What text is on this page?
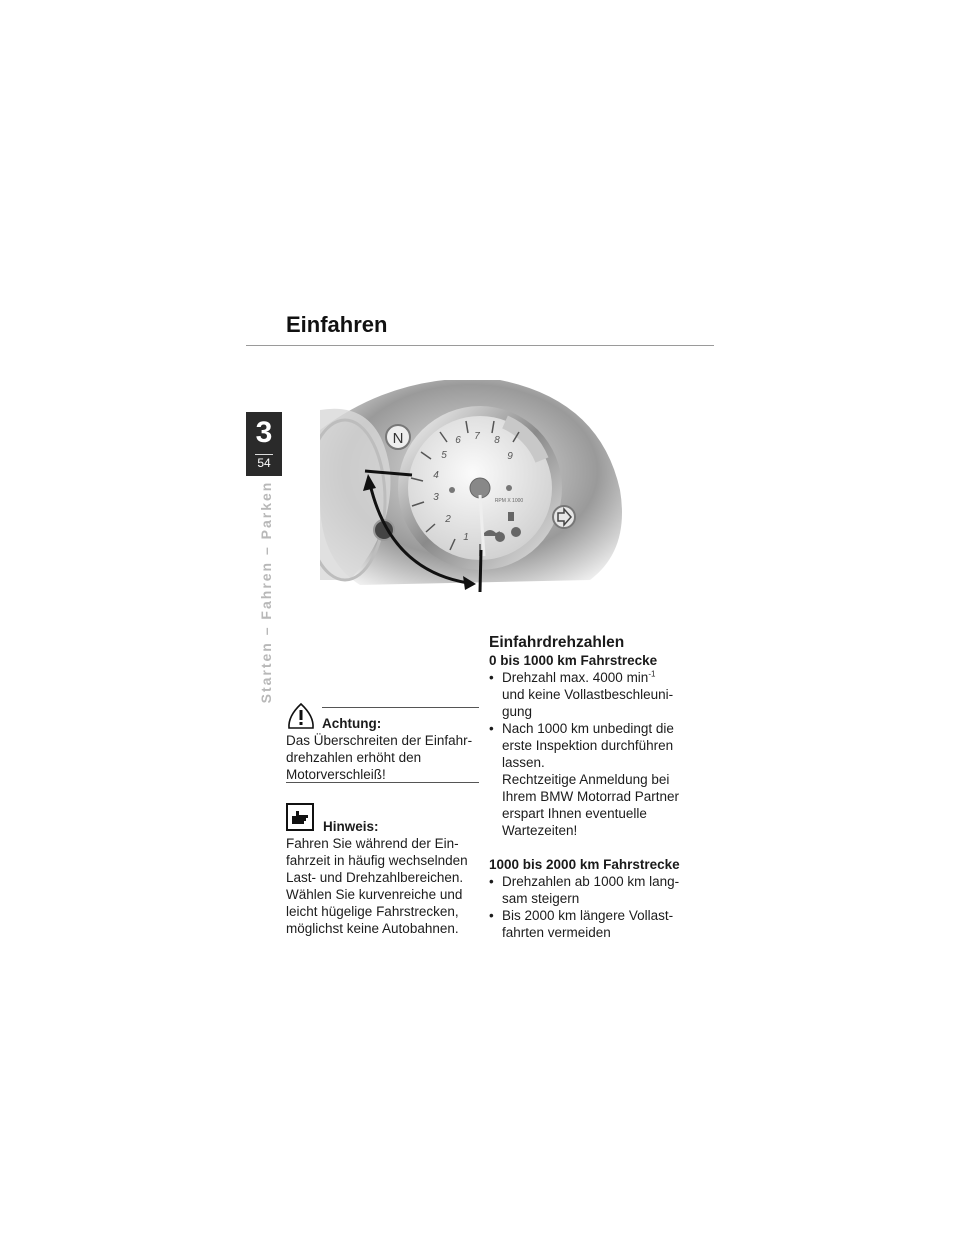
Einfahren
3
54
Starten – Fahren – Parken
N
1
2
3
4
5
6 7 8
9
RPM X 1000
Achtung:
Das Überschreiten der Einfahr-
drehzahlen erhöht den
Motorverschleiß!
Hinweis:
Fahren Sie während der Ein-
fahrzeit in häufig wechselnden
Last- und Drehzahlbereichen.
Wählen Sie kurvenreiche und
leicht hügelige Fahrstrecken,
möglichst keine Autobahnen.
Einfahrdrehzahlen
0 bis 1000 km Fahrstrecke
• Drehzahl max. 4000 $\min^{-1}$
und keine Vollastbeschleuni-
gung
• Nach 1000 km unbedingt die
erste Inspektion durchführen
lassen.
Rechtzeitige Anmeldung bei
Ihrem BMW Motorrad Partner
erspart Ihnen eventuelle
Wartezeiten!
1000 bis 2000 km Fahrstrecke
• Drehzahlen ab 1000 km lang-
sam steigern
• Bis 2000 km längere Vollast-
fahrten vermeiden
